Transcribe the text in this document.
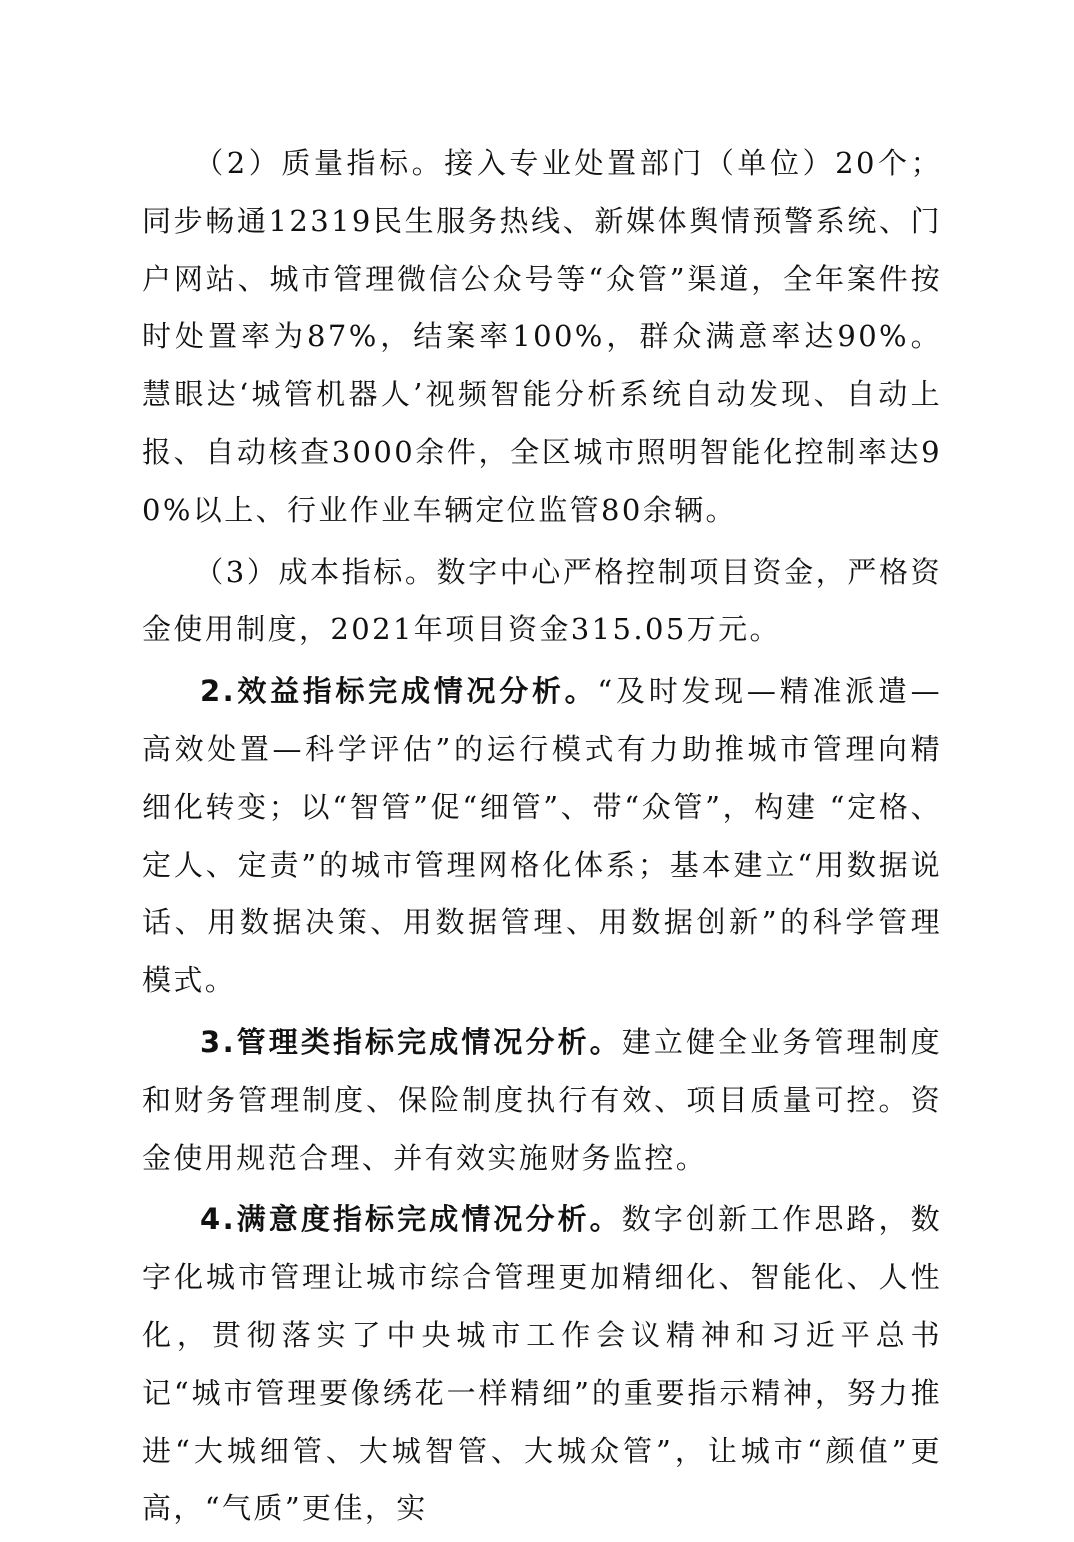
（2）质量指标。接入专业处置部门（单位）20个；同步畅通12319民生服务热线、新媒体舆情预警系统、门户网站、城市管理微信公众号等“众管”渠道，全年案件按时处置率为87%，结案率100%，群众满意率达90%。慧眼达‘城管机器人’视频智能分析系统自动发现、自动上报、自动核查3000余件，全区城市照明智能化控制率达90%以上、行业作业车辆定位监管80余辆。

（3）成本指标。数字中心严格控制项目资金，严格资金使用制度，2021年项目资金315.05万元。

2.效益指标完成情况分析。“及时发现—精准派遣—高效处置—科学评估”的运行模式有力助推城市管理向精细化转变；以“智管”促“细管”、带“众管”，构建 “定格、定人、定责”的城市管理网格化体系；基本建立“用数据说话、用数据决策、用数据管理、用数据创新”的科学管理模式。

3.管理类指标完成情况分析。建立健全业务管理制度和财务管理制度、保险制度执行有效、项目质量可控。资金使用规范合理、并有效实施财务监控。

4.满意度指标完成情况分析。数字创新工作思路，数字化城市管理让城市综合管理更加精细化、智能化、人性化，贯彻落实了中央城市工作会议精神和习近平总书记“城市管理要像绣花一样精细”的重要指示精神，努力推进“大城细管、大城智管、大城众管”，让城市“颜值”更高，“气质”更佳，实
